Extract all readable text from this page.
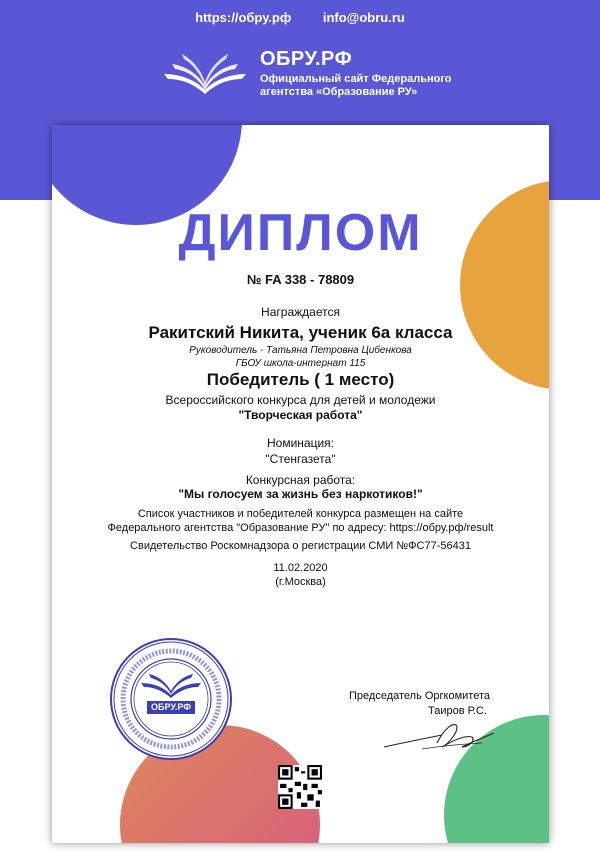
https://обру.рф info@obru.ru
ОБРУ.РФ
Официальный сайт Федерального
агентства «Образование РУ»
ДИПЛОМ
№ FA 338 - 78809
Награждается
Ракитский Никита, ученик 6а класса
Руководитель - Татьяна Петровна Цибенкова
ГБОУ школа-интернат 115
Победитель ( 1 место)
Всероссийского конкурса для детей и молодежи
"Творческая работа"
Номинация:
"Стенгазета"
Конкурсная работа:
"Мы голосуем за жизнь без наркотиков!"
Список участников и победителей конкурса размещен на сайте
Федерального агентства "Образование РУ" по адресу: https://обру.рф/result
Свидетельство Роскомнадзора о регистрации СМИ №ФС77-56431
11.02.2020
(г.Москва)
ОБРУ.РФ
Председатель Оргкомитета
Таиров Р.С.
